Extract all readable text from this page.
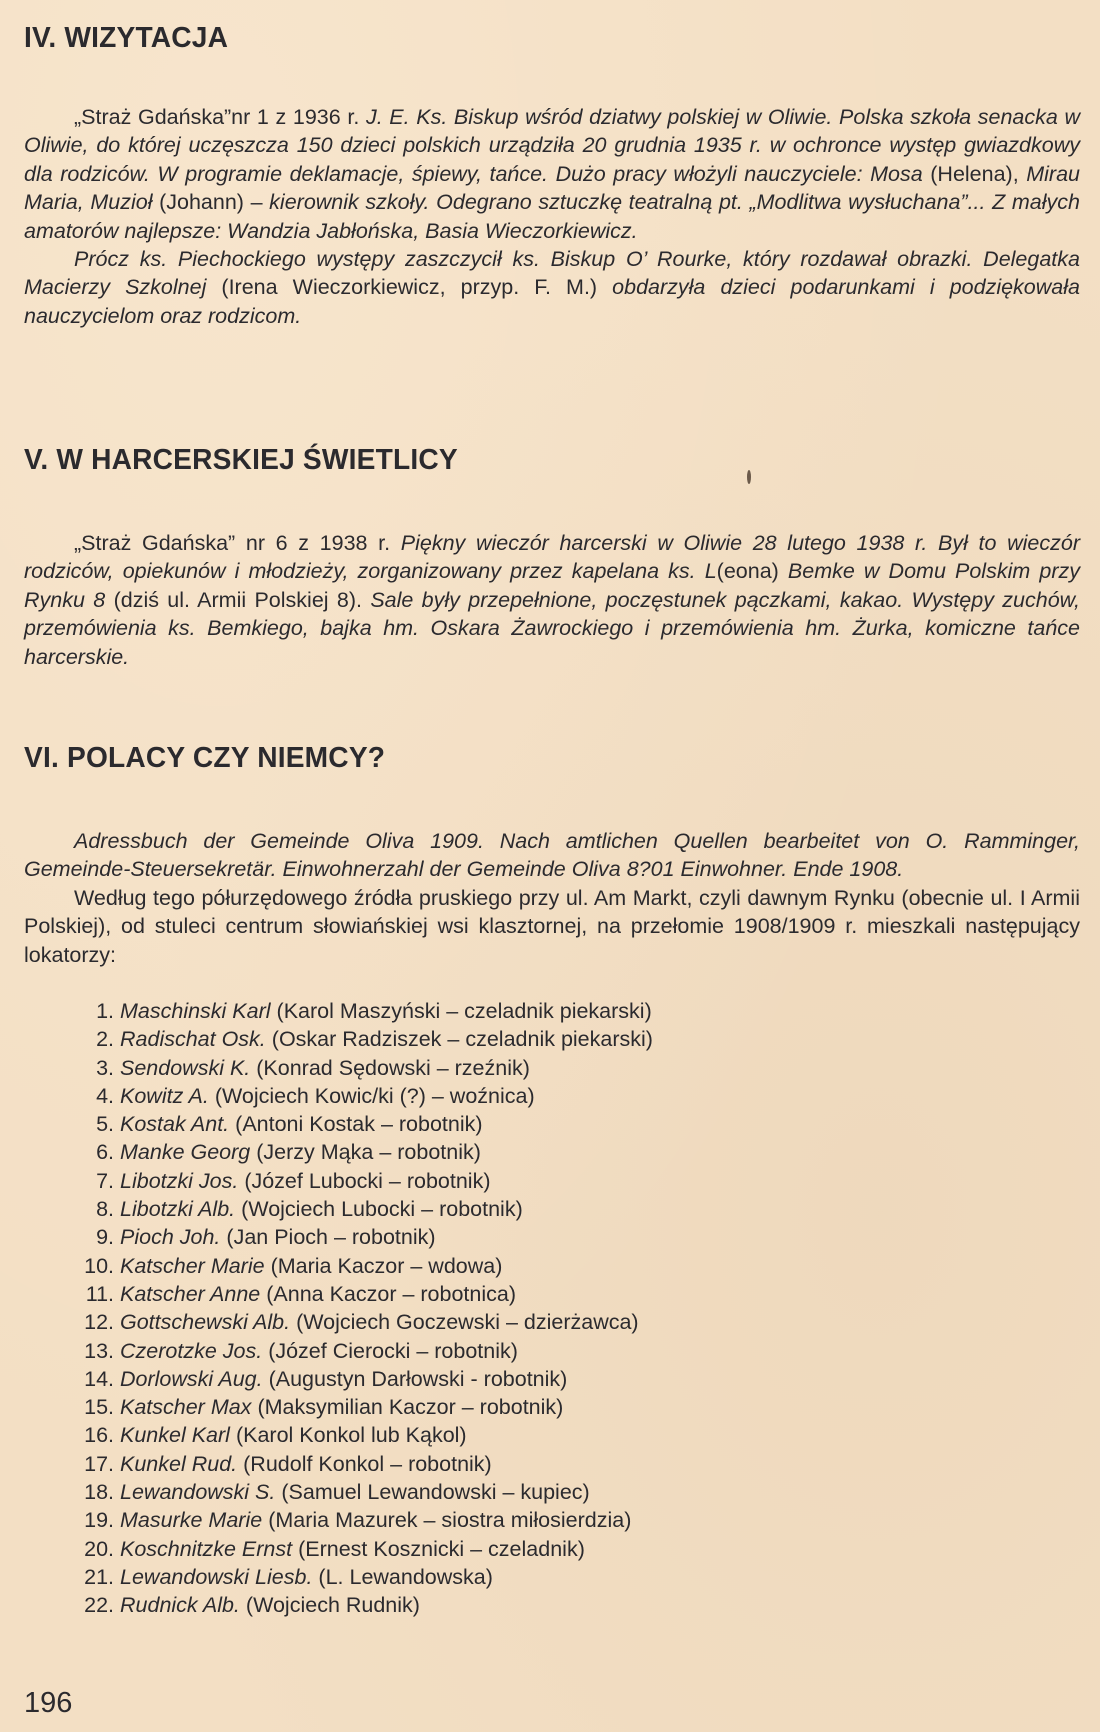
IV. WIZYTACJA

„Straż Gdańska”nr 1 z 1936 r. J. E. Ks. Biskup wśród dziatwy polskiej w Oliwie. Polska szkoła senacka w Oliwie, do której uczęszcza 150 dzieci polskich urządziła 20 grudnia 1935 r. w ochronce występ gwiazdkowy dla rodziców. W programie deklamacje, śpiewy, tańce. Dużo pracy włożyli nauczyciele: Mosa (Helena), Mirau Maria, Muzioł (Johann) – kierownik szkoły. Odegrano sztuczkę teatralną pt. „Modlitwa wysłuchana”... Z małych amatorów najlepsze: Wandzia Jabłońska, Basia Wieczorkiewicz.

Prócz ks. Piechockiego występy zaszczycił ks. Biskup O’ Rourke, który rozdawał obrazki. Delegatka Macierzy Szkolnej (Irena Wieczorkiewicz, przyp. F. M.) obdarzyła dzieci podarunkami i podziękowała nauczycielom oraz rodzicom.

V. W HARCERSKIEJ ŚWIETLICY

„Straż Gdańska” nr 6 z 1938 r. Piękny wieczór harcerski w Oliwie 28 lutego 1938 r. Był to wieczór rodziców, opiekunów i młodzieży, zorganizowany przez kapelana ks. L(eona) Bemke w Domu Polskim przy Rynku 8 (dziś ul. Armii Polskiej 8). Sale były przepełnione, poczęstunek pączkami, kakao. Występy zuchów, przemówienia ks. Bemkiego, bajka hm. Oskara Żawrockiego i przemówienia hm. Żurka, komiczne tańce harcerskie.

VI. POLACY CZY NIEMCY?

Adressbuch der Gemeinde Oliva 1909. Nach amtlichen Quellen bearbeitet von O. Ramminger, Gemeinde-Steuersekretär. Einwohnerzahl der Gemeinde Oliva 8?01 Einwohner. Ende 1908.

Według tego półurzędowego źródła pruskiego przy ul. Am Markt, czyli dawnym Rynku (obecnie ul. I Armii Polskiej), od stuleci centrum słowiańskiej wsi klasztornej, na przełomie 1908/1909 r. mieszkali następujący lokatorzy:

1. Maschinski Karl (Karol Maszyński – czeladnik piekarski)
2. Radischat Osk. (Oskar Radziszek – czeladnik piekarski)
3. Sendowski K. (Konrad Sędowski – rzeźnik)
4. Kowitz A. (Wojciech Kowic/ki (?) – woźnica)
5. Kostak Ant. (Antoni Kostak – robotnik)
6. Manke Georg (Jerzy Mąka – robotnik)
7. Libotzki Jos. (Józef Lubocki – robotnik)
8. Libotzki Alb. (Wojciech Lubocki – robotnik)
9. Pioch Joh. (Jan Pioch – robotnik)
10. Katscher Marie (Maria Kaczor – wdowa)
11. Katscher Anne (Anna Kaczor – robotnica)
12. Gottschewski Alb. (Wojciech Goczewski – dzierżawca)
13. Czerotzke Jos. (Józef Cierocki – robotnik)
14. Dorlowski Aug. (Augustyn Darłowski - robotnik)
15. Katscher Max (Maksymilian Kaczor – robotnik)
16. Kunkel Karl (Karol Konkol lub Kąkol)
17. Kunkel Rud. (Rudolf Konkol – robotnik)
18. Lewandowski S. (Samuel Lewandowski – kupiec)
19. Masurke Marie (Maria Mazurek – siostra miłosierdzia)
20. Koschnitzke Ernst (Ernest Kosznicki – czeladnik)
21. Lewandowski Liesb. (L. Lewandowska)
22. Rudnick Alb. (Wojciech Rudnik)
196
